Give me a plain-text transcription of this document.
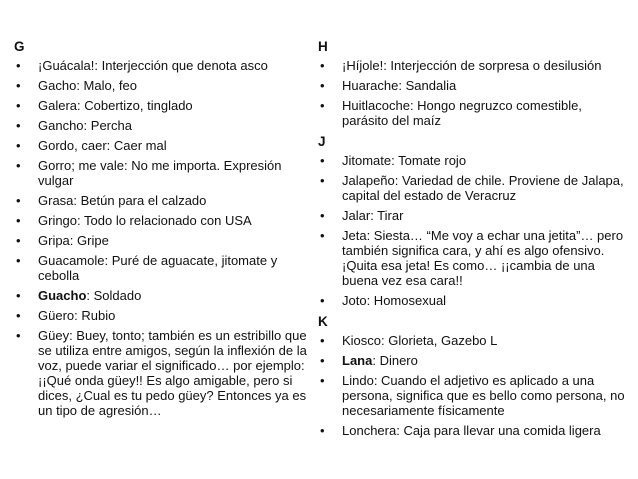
G
• ¡Guácala!: Interjección que denota asco
• Gacho: Malo, feo
• Galera: Cobertizo, tinglado
• Gancho: Percha
• Gordo, caer: Caer mal
• Gorro; me vale: No me importa. Expresión vulgar
• Grasa: Betún para el calzado
• Gringo: Todo lo relacionado con USA
• Gripa: Gripe
• Guacamole: Puré de aguacate, jitomate y cebolla
• Guacho: Soldado
• Güero: Rubio
• Güey: Buey, tonto; también es un estribillo que se utiliza entre amigos, según la inflexión de la voz, puede variar el significado… por ejemplo: ¡¡Qué onda güey!! Es algo amigable, pero si dices, ¿Cual es tu pedo güey? Entonces ya es un tipo de agresión…
H
• ¡Híjole!: Interjección de sorpresa o desilusión
• Huarache: Sandalia
• Huitlacoche: Hongo negruzco comestible, parásito del maíz
J
• Jitomate: Tomate rojo
• Jalapeño: Variedad de chile. Proviene de Jalapa, capital del estado de Veracruz
• Jalar: Tirar
• Jeta: Siesta… “Me voy a echar una jetita”… pero también significa cara, y ahí es algo ofensivo. ¡Quita esa jeta! Es como… ¡¡cambia de una buena vez esa cara!!
• Joto: Homosexual
K
• Kiosco: Glorieta, Gazebo L
• Lana: Dinero
• Lindo: Cuando el adjetivo es aplicado a una persona, significa que es bello como persona, no necesariamente físicamente
• Lonchera: Caja para llevar una comida ligera
